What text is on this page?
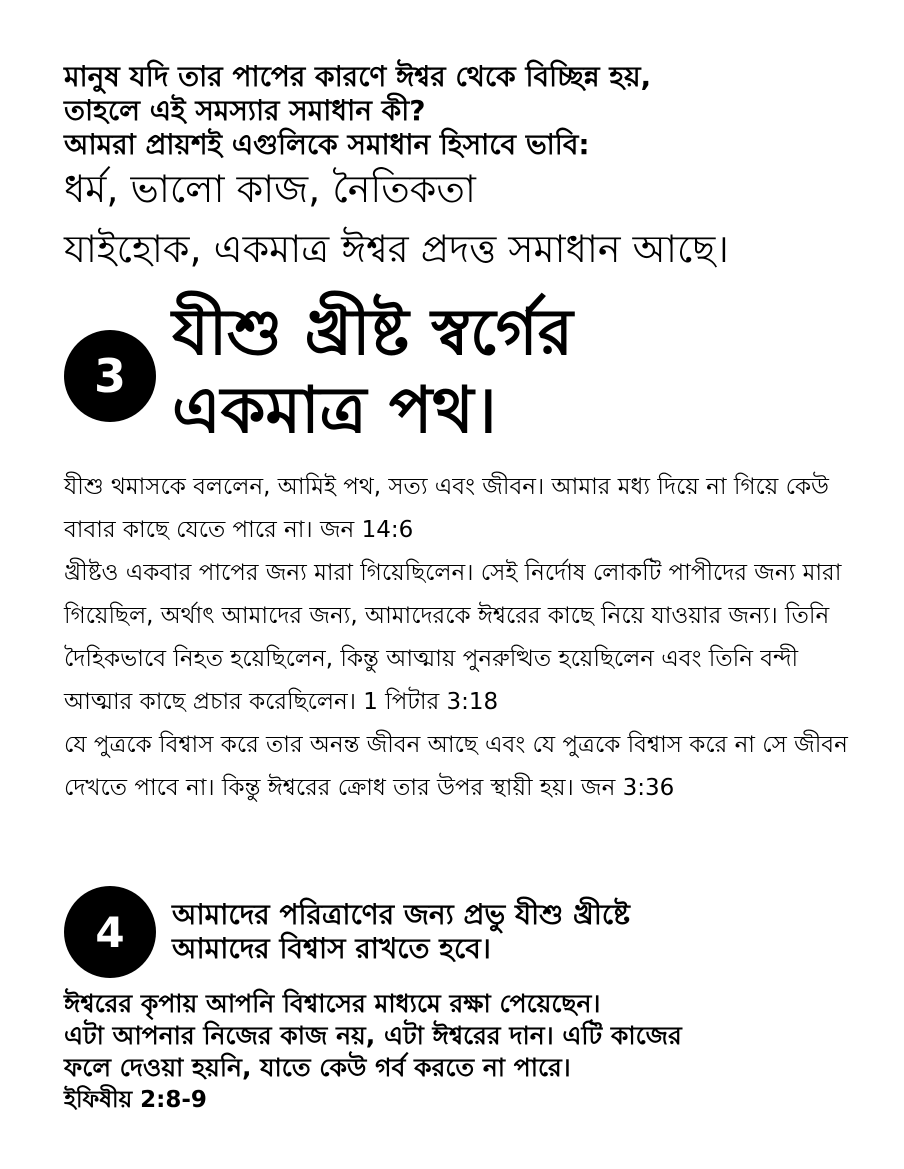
মানুষ যদি তার পাপের কারণে ঈশ্বর থেকে বিচ্ছিন্ন হয়,

তাহলে এই সমস্যার সমাধান কী?

আমরা প্রায়শই এগুলিকে সমাধান হিসাবে ভাবি:

ধর্ম, ভালো কাজ, নৈতিকতা
যাইহোক, একমাত্র ঈশ্বর প্রদত্ত সমাধান আছে।
3
যীশু খ্রীষ্ট স্বর্গের
একমাত্র পথ।

যীশু থমাসকে বললেন, আমিই পথ, সত্য এবং জীবন। আমার মধ্য দিয়ে না গিয়ে কেউ বাবার কাছে যেতে পারে না। জন 14:6

খ্রীষ্টও একবার পাপের জন্য মারা গিয়েছিলেন। সেই নির্দোষ লোকটি পাপীদের জন্য মারা গিয়েছিল, অর্থাৎ আমাদের জন্য, আমাদেরকে ঈশ্বরের কাছে নিয়ে যাওয়ার জন্য। তিনি দৈহিকভাবে নিহত হয়েছিলেন, কিন্তু আত্মায় পুনরুত্থিত হয়েছিলেন এবং তিনি বন্দী আত্মার কাছে প্রচার করেছিলেন। 1 পিটার 3:18

যে পুত্রকে বিশ্বাস করে তার অনন্ত জীবন আছে এবং যে পুত্রকে বিশ্বাস করে না সে জীবন দেখতে পাবে না। কিন্তু ঈশ্বরের ক্রোধ তার উপর স্থায়ী হয়। জন 3:36

4	আমাদের পরিত্রাণের জন্য প্রভু যীশু খ্রীষ্টে
আমাদের বিশ্বাস রাখতে হবে।
ঈশ্বরের কৃপায় আপনি বিশ্বাসের মাধ্যমে রক্ষা পেয়েছেন।
এটা আপনার নিজের কাজ নয়, এটা ঈশ্বরের দান। এটি কাজের
ফলে দেওয়া হয়নি, যাতে কেউ গর্ব করতে না পারে।
ইফিষীয় 2:8-9
